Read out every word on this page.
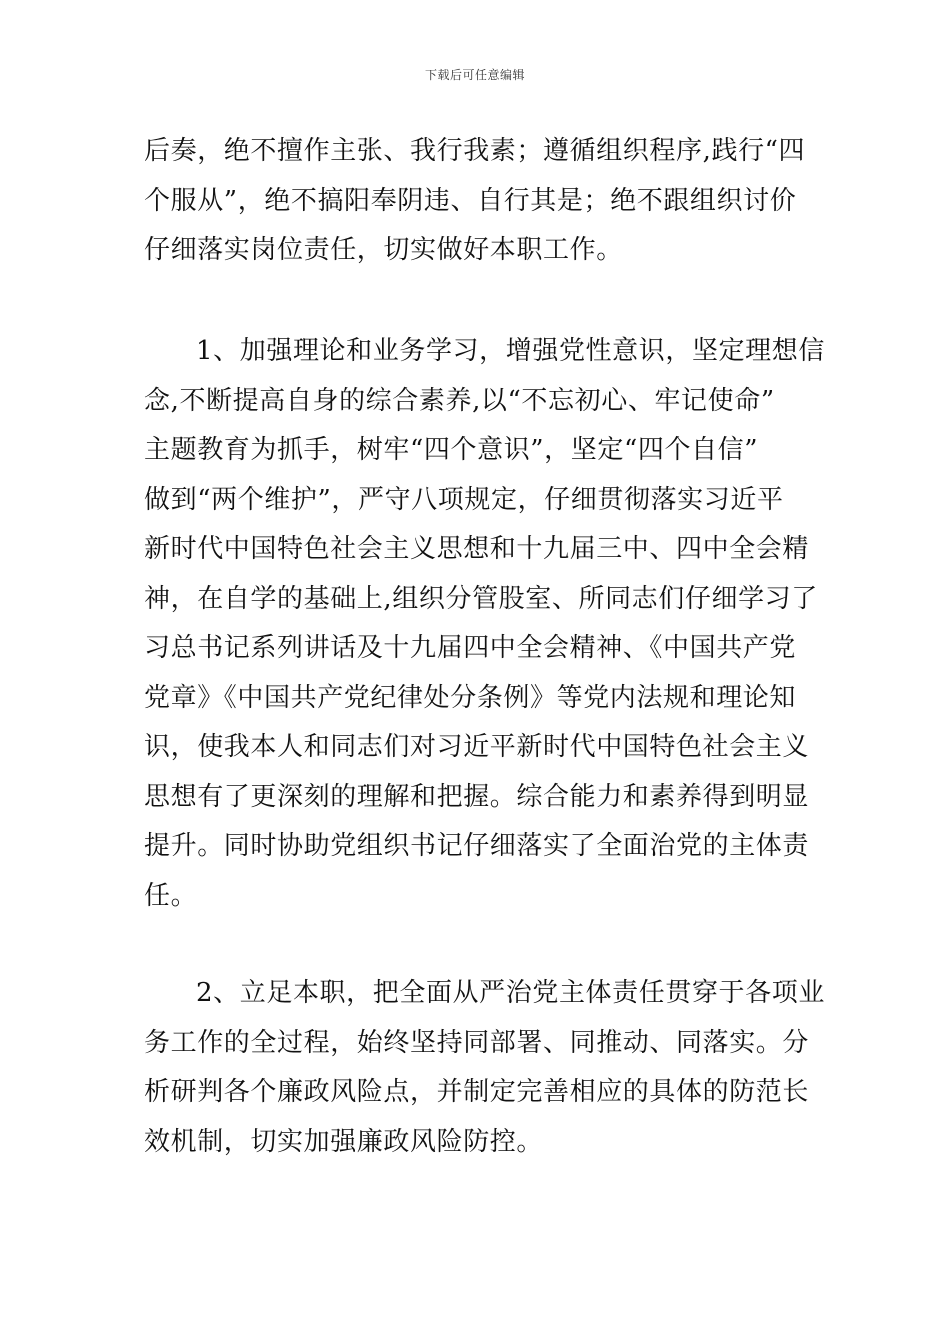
下载后可任意编辑
后奏，绝不擅作主张、我行我素；遵循组织程序,践行“四
个服从”，绝不搞阳奉阴违、自行其是；绝不跟组织讨价
仔细落实岗位责任，切实做好本职工作。
1、加强理论和业务学习，增强党性意识，坚定理想信
念,不断提高自身的综合素养,以“不忘初心、牢记使命”
主题教育为抓手，树牢“四个意识”，坚定“四个自信”
做到“两个维护”，严守八项规定，仔细贯彻落实习近平
新时代中国特色社会主义思想和十九届三中、四中全会精
神，在自学的基础上,组织分管股室、所同志们仔细学习了
习总书记系列讲话及十九届四中全会精神、《中国共产党
党章》《中国共产党纪律处分条例》等党内法规和理论知
识，使我本人和同志们对习近平新时代中国特色社会主义
思想有了更深刻的理解和把握。综合能力和素养得到明显
提升。同时协助党组织书记仔细落实了全面治党的主体责
任。
2、立足本职，把全面从严治党主体责任贯穿于各项业
务工作的全过程，始终坚持同部署、同推动、同落实。分
析研判各个廉政风险点，并制定完善相应的具体的防范长
效机制，切实加强廉政风险防控。
